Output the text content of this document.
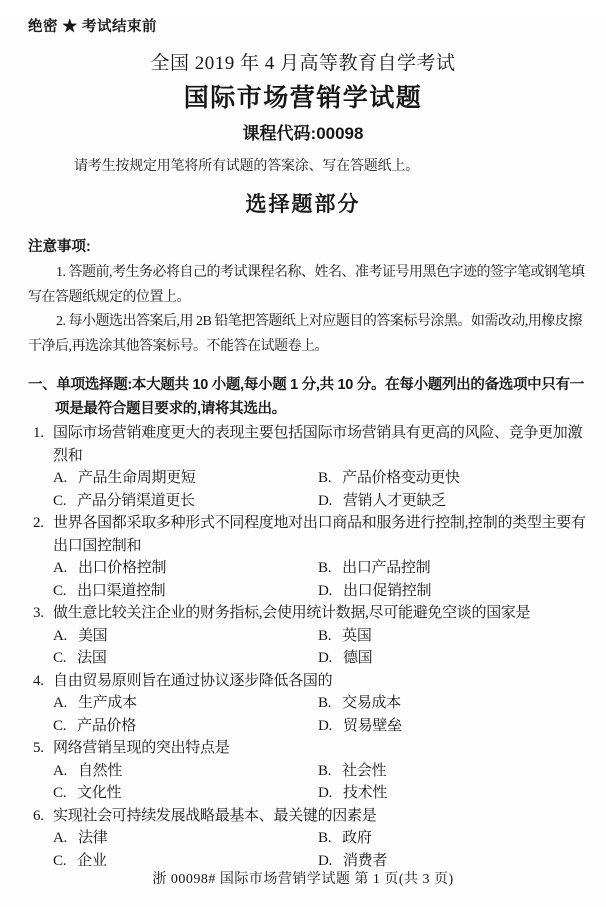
绝密 ★ 考试结束前
全国 2019 年 4 月高等教育自学考试
国际市场营销学试题
课程代码:00098

请考生按规定用笔将所有试题的答案涂、写在答题纸上。

选择题部分
注意事项:

1. 答题前,考生务必将自己的考试课程名称、姓名、准考证号用黑色字迹的签字笔或钢笔填写在答题纸规定的位置上。

2. 每小题选出答案后,用 2B 铅笔把答题纸上对应题目的答案标号涂黑。如需改动,用橡皮擦干净后,再选涂其他答案标号。不能答在试题卷上。

一、单项选择题:本大题共 10 小题,每小题 1 分,共 10 分。在每小题列出的备选项中只有一项是最符合题目要求的,请将其选出。
1. 国际市场营销难度更大的表现主要包括国际市场营销具有更高的风险、竞争更加激烈和
A. 产品生命周期更短	B. 产品价格变动更快
C. 产品分销渠道更长	D. 营销人才更缺乏
2. 世界各国都采取多种形式不同程度地对出口商品和服务进行控制,控制的类型主要有出口国控制和
A. 出口价格控制	B. 出口产品控制
C. 出口渠道控制	D. 出口促销控制
3. 做生意比较关注企业的财务指标,会使用统计数据,尽可能避免空谈的国家是
A. 美国	B. 英国
C. 法国	D. 德国
4. 自由贸易原则旨在通过协议逐步降低各国的
A. 生产成本	B. 交易成本
C. 产品价格	D. 贸易壁垒
5. 网络营销呈现的突出特点是
A. 自然性	B. 社会性
C. 文化性	D. 技术性
6. 实现社会可持续发展战略最基本、最关键的因素是
A. 法律	B. 政府
C. 企业	D. 消费者
浙 00098# 国际市场营销学试题 第 1 页(共 3 页)
